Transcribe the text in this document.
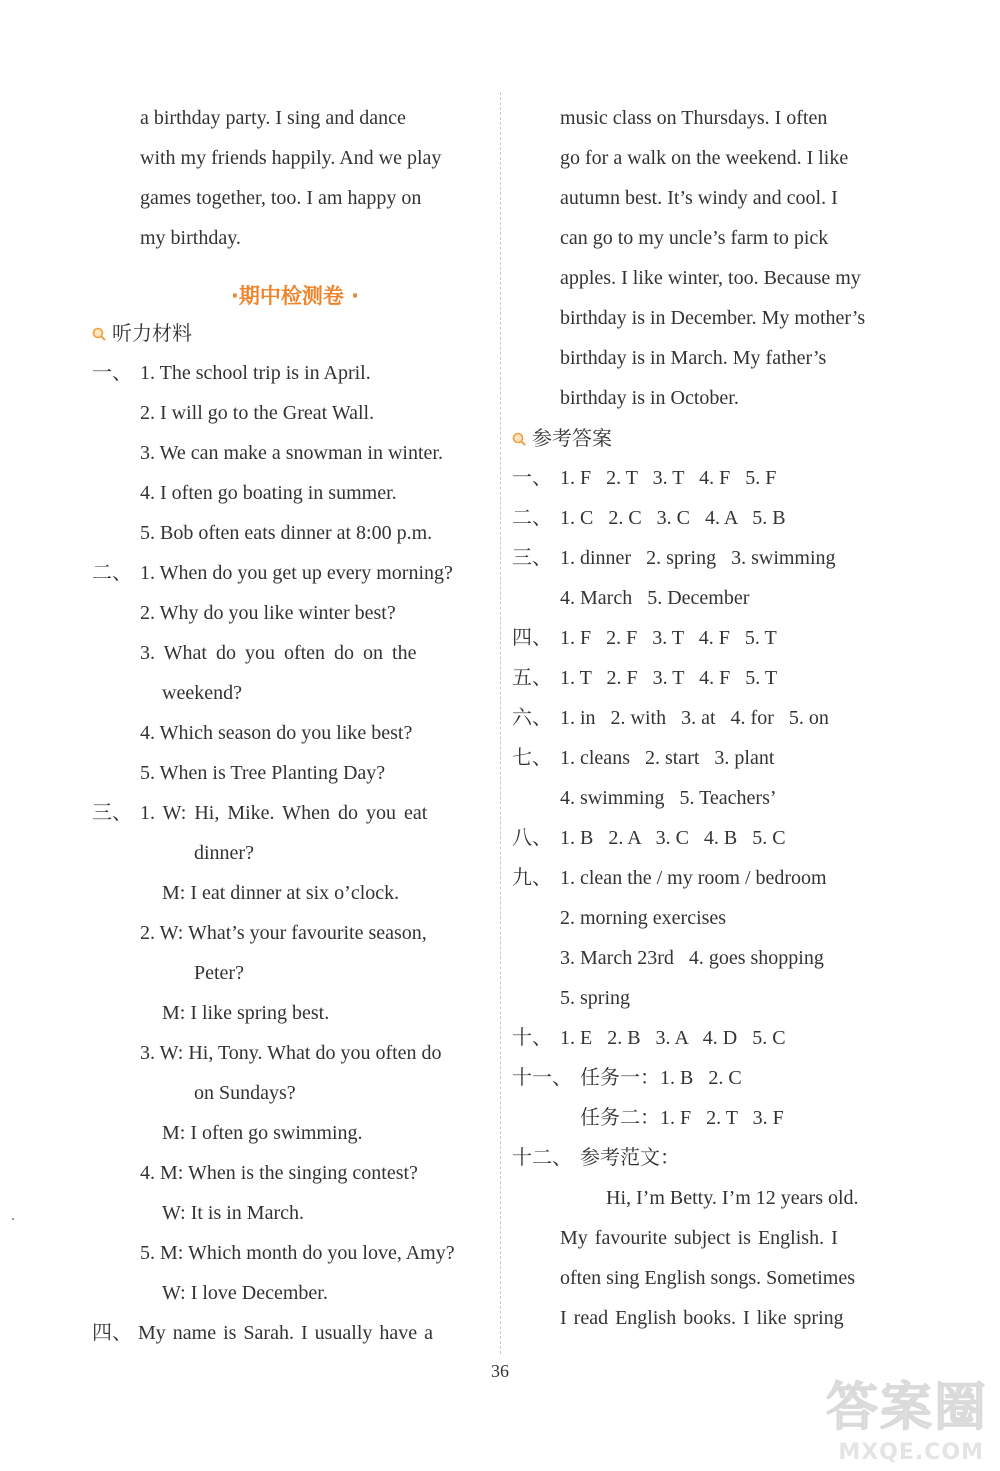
a birthday party. I sing and dance
with my friends happily. And we play
games together, too. I am happy on
my birthday.
·期中检测卷 ·
听力材料
一、 1. The school trip is in April.
2. I will go to the Great Wall.
3. We can make a snowman in winter.
4. I often go boating in summer.
5. Bob often eats dinner at 8:00 p.m.
二、 1. When do you get up every morning?
2. Why do you like winter best?
3. What do you often do on the
weekend?
4. Which season do you like best?
5. When is Tree Planting Day?
三、 1. W: Hi, Mike. When do you eat
dinner?
M: I eat dinner at six o’clock.
2. W: What’s your favourite season,
Peter?
M: I like spring best.
3. W: Hi, Tony. What do you often do
on Sundays?
M: I often go swimming.
4. M: When is the singing contest?
W: It is in March.
5. M: Which month do you love, Amy?
W: I love December.
四、 My name is Sarah. I usually have a
music class on Thursdays. I often
go for a walk on the weekend. I like
autumn best. It’s windy and cool. I
can go to my uncle’s farm to pick
apples. I like winter, too. Because my
birthday is in December. My mother’s
birthday is in March. My father’s
birthday is in October.
参考答案
一、 1. F   2. T   3. T   4. F   5. F
二、 1. C   2. C   3. C   4. A   5. B
三、 1. dinner   2. spring   3. swimming
4. March   5. December
四、 1. F   2. F   3. T   4. F   5. T
五、 1. T   2. F   3. T   4. F   5. T
六、 1. in   2. with   3. at   4. for   5. on
七、 1. cleans   2. start   3. plant
4. swimming   5. Teachers’
八、 1. B   2. A   3. C   4. B   5. C
九、 1. clean the / my room / bedroom
2. morning exercises
3. March 23rd   4. goes shopping
5. spring
十、 1. E   2. B   3. A   4. D   5. C
十一、 任务一：1. B   2. C
任务二：1. F   2. T   3. F
十二、 参考范文：
Hi, I’m Betty. I’m 12 years old.
My favourite subject is English. I
often sing English songs. Sometimes
I read English books. I like spring
36
答案圈
MXQE.COM
